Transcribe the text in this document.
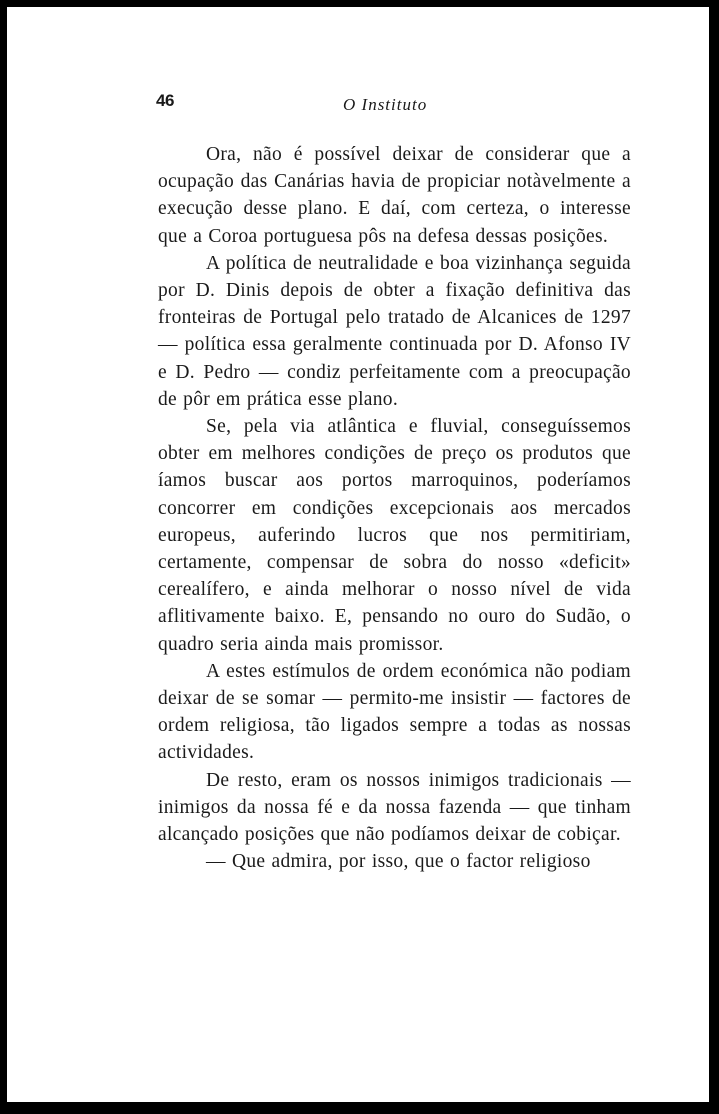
46	O Instituto

Ora, não é possível deixar de considerar que a ocupação das Canárias havia de propiciar notàvelmente a execução desse plano. E daí, com certeza, o interesse que a Coroa portuguesa pôs na defesa dessas posições.

A política de neutralidade e boa vizinhança seguida por D. Dinis depois de obter a fixação definitiva das fronteiras de Portugal pelo tratado de Alcanices de 1297 — política essa geralmente continuada por D. Afonso IV e D. Pedro — condiz perfeitamente com a preocupação de pôr em prática esse plano.

Se, pela via atlântica e fluvial, conseguíssemos obter em melhores condições de preço os produtos que íamos buscar aos portos marroquinos, poderíamos concorrer em condições excepcionais aos mercados europeus, auferindo lucros que nos permitiriam, certamente, compensar de sobra do nosso «deficit» cerealífero, e ainda melhorar o nosso nível de vida aflitivamente baixo. E, pensando no ouro do Sudão, o quadro seria ainda mais promissor.

A estes estímulos de ordem económica não podiam deixar de se somar — permito-me insistir — factores de ordem religiosa, tão ligados sempre a todas as nossas actividades.

De resto, eram os nossos inimigos tradicionais — inimigos da nossa fé e da nossa fazenda — que tinham alcançado posições que não podíamos deixar de cobiçar.

— Que admira, por isso, que o factor religioso
